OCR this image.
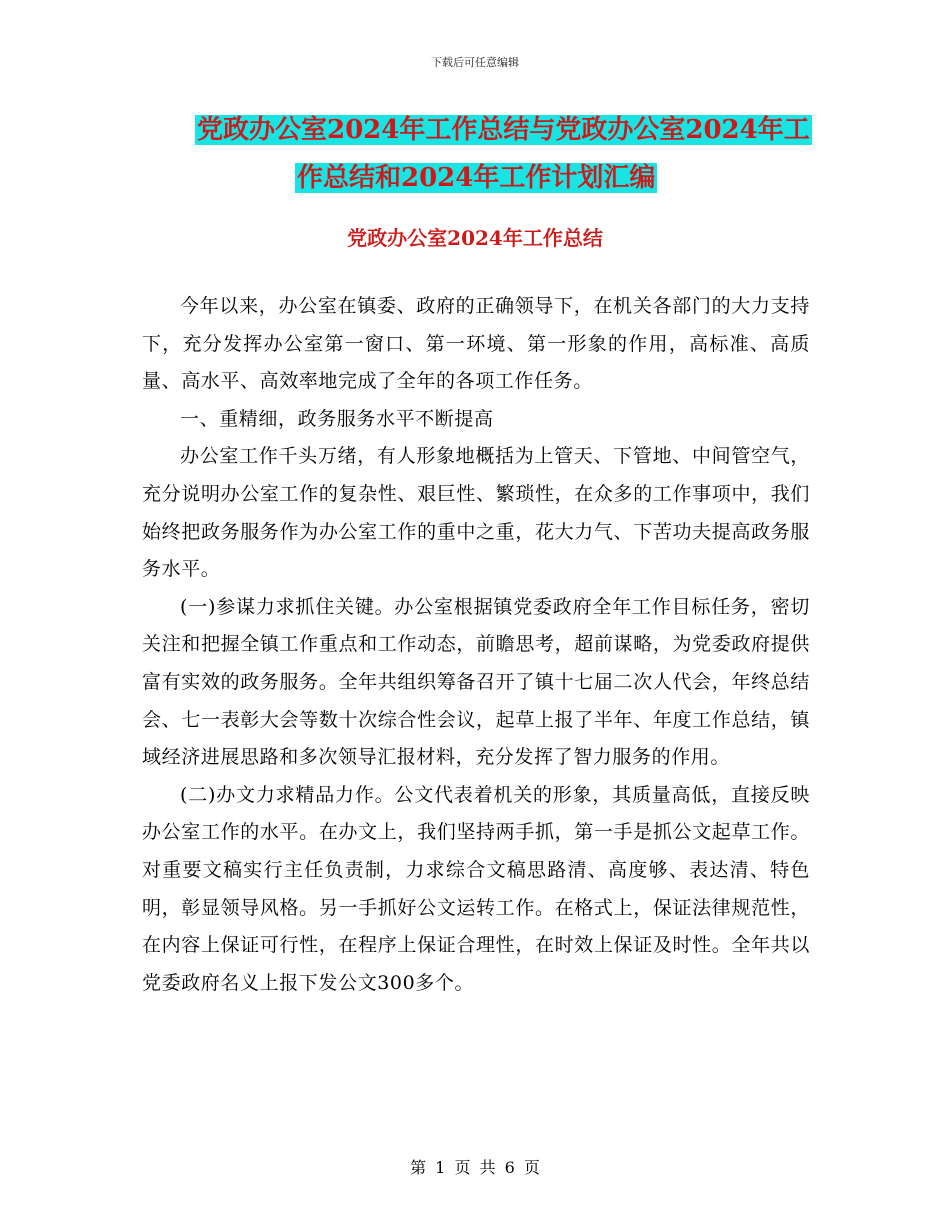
下载后可任意编辑
党政办公室2024年工作总结与党政办公室2024年工
作总结和2024年工作计划汇编
党政办公室2024年工作总结

今年以来，办公室在镇委、政府的正确领导下，在机关各部门的大力支持下，充分发挥办公室第一窗口、第一环境、第一形象的作用，高标准、高质量、高水平、高效率地完成了全年的各项工作任务。

一、重精细，政务服务水平不断提高

办公室工作千头万绪，有人形象地概括为上管天、下管地、中间管空气，充分说明办公室工作的复杂性、艰巨性、繁琐性，在众多的工作事项中，我们始终把政务服务作为办公室工作的重中之重，花大力气、下苦功夫提高政务服务水平。

(一)参谋力求抓住关键。办公室根据镇党委政府全年工作目标任务，密切关注和把握全镇工作重点和工作动态，前瞻思考，超前谋略，为党委政府提供富有实效的政务服务。全年共组织筹备召开了镇十七届二次人代会，年终总结会、七一表彰大会等数十次综合性会议，起草上报了半年、年度工作总结，镇域经济进展思路和多次领导汇报材料，充分发挥了智力服务的作用。

(二)办文力求精品力作。公文代表着机关的形象，其质量高低，直接反映办公室工作的水平。在办文上，我们坚持两手抓，第一手是抓公文起草工作。对重要文稿实行主任负责制，力求综合文稿思路清、高度够、表达清、特色明，彰显领导风格。另一手抓好公文运转工作。在格式上，保证法律规范性，在内容上保证可行性，在程序上保证合理性，在时效上保证及时性。全年共以党委政府名义上报下发公文300多个。

第 1 页 共 6 页
